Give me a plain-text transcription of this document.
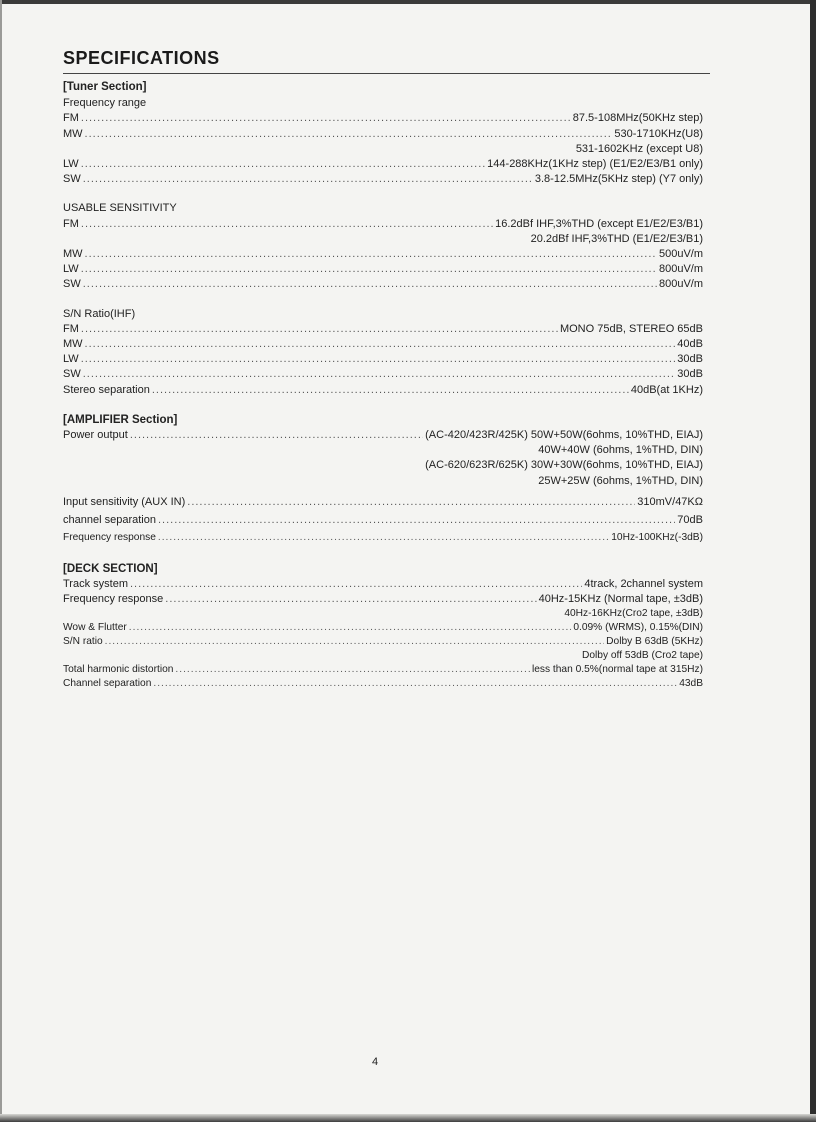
SPECIFICATIONS
[Tuner Section]
Frequency range
FM .....	87.5-108MHz(50KHz step)
MW .....	530-1710KHz(U8)
531-1602KHz (except U8)
LW .....	144-288KHz(1KHz step) (E1/E2/E3/B1 only)
SW .....	3.8-12.5MHz(5KHz step) (Y7 only)
USABLE SENSITIVITY
FM .....	16.2dBf IHF,3%THD (except E1/E2/E3/B1)
20.2dBf IHF,3%THD (E1/E2/E3/B1)
MW .....	500uV/m
LW .....	800uV/m
SW .....	800uV/m
S/N Ratio(IHF)
FM .....	MONO 75dB, STEREO 65dB
MW .....	40dB
LW .....	30dB
SW .....	30dB
Stereo separation .....	40dB(at 1KHz)
[AMPLIFIER Section]
Power output .....	(AC-420/423R/425K) 50W+50W(6ohms, 10%THD, EIAJ)
40W+40W (6ohms, 1%THD, DIN)
(AC-620/623R/625K) 30W+30W(6ohms, 10%THD, EIAJ)
25W+25W (6ohms, 1%THD, DIN)
Input sensitivity (AUX IN) .....	310mV/47KΩ
channel separation .....	70dB
Frequency response .....	10Hz-100KHz(-3dB)
[DECK SECTION]
Track system .....	4track, 2channel system
Frequency response .....	40Hz-15KHz (Normal tape, ±3dB)
40Hz-16KHz(Cro2 tape, ±3dB)
Wow & Flutter .....	0.09% (WRMS), 0.15%(DIN)
S/N ratio .....	Dolby B 63dB (5KHz)
Dolby off 53dB (Cro2 tape)
Total harmonic distortion .....	less than 0.5%(normal tape at 315Hz)
Channel separation .....	43dB
4
